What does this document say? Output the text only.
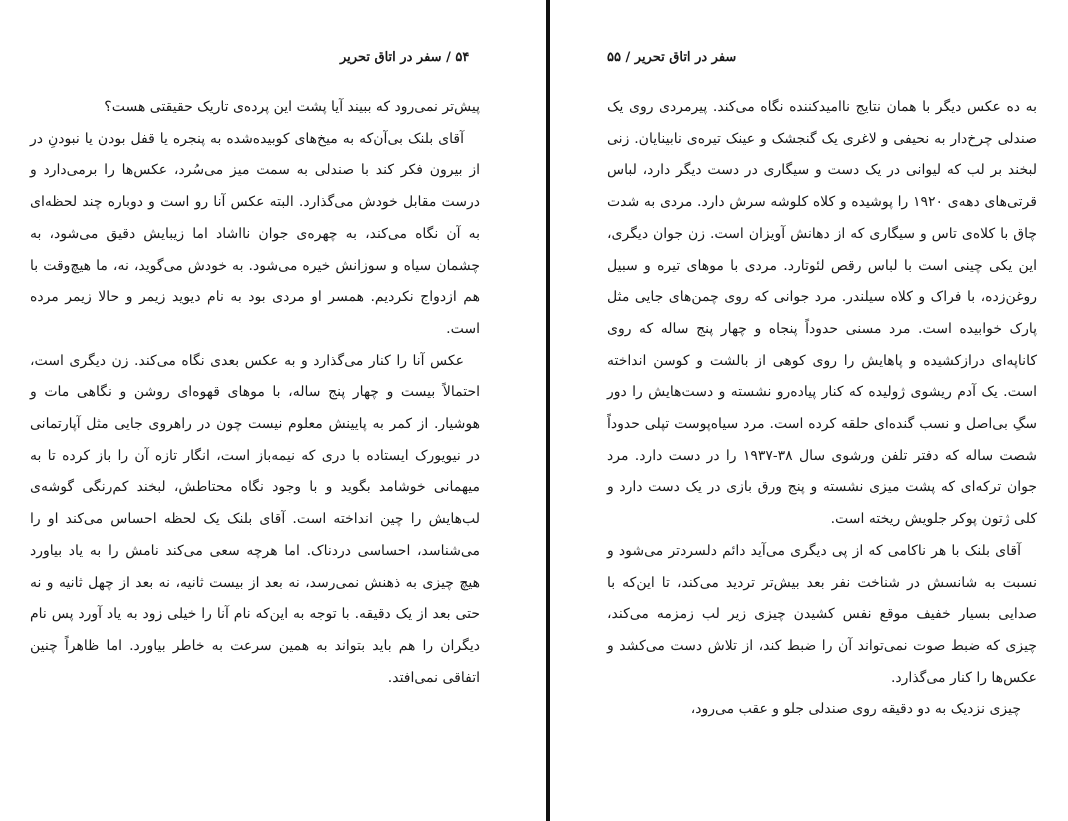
۵۴ / سفر در اتاق تحریر

پیش‌تر نمی‌رود که ببیند آیا پشت این پرده‌ی تاریک حقیقتی هست؟

آقای بلنک بی‌آن‌که به میخ‌های کوبیده‌شده به پنجره یا قفل بودن یا نبودنِ در از بیرون فکر کند با صندلی به سمت میز می‌سُرد، عکس‌ها را برمی‌دارد و درست مقابل خودش می‌گذارد. البته عکس آنا رو است و دوباره چند لحظه‌ای به آن نگاه می‌کند، به چهره‌ی جوان نااشاد اما زیبایش دقیق می‌شود، به چشمان سیاه و سوزانش خیره می‌شود. به خودش می‌گوید، نه، ما هیچ‌وقت با هم ازدواج نکردیم. همسر او مردی بود به نام دیوید زیمر و حالا زیمر مرده است.

عکس آنا را کنار می‌گذارد و به عکس بعدی نگاه می‌کند. زن دیگری است، احتمالاً بیست و چهار پنج ساله، با موهای قهوه‌ای روشن و نگاهی مات و هوشیار. از کمر به پایینش معلوم نیست چون در راهروی جایی مثل آپارتمانی در نیویورک ایستاده با دری که نیمه‌باز است، انگار تازه آن را باز کرده تا به میهمانی خوشامد بگوید و با وجود نگاه محتاطش، لبخند کم‌رنگی گوشه‌ی لب‌هایش را چین انداخته است. آقای بلنک یک لحظه احساس می‌کند او را می‌شناسد، احساسی دردناک. اما هرچه سعی می‌کند نامش را به یاد بیاورد هیچ چیزی به ذهنش نمی‌رسد، نه بعد از بیست ثانیه، نه بعد از چهل ثانیه و نه حتی بعد از یک دقیقه. با توجه به این‌که نام آنا را خیلی زود به یاد آورد پس نام دیگران را هم باید بتواند به همین سرعت به خاطر بیاورد. اما ظاهراً چنین اتفاقی نمی‌افتد.

سفر در اتاق تحریر / ۵۵

به ده عکس دیگر با همان نتایج ناامیدکننده نگاه می‌کند. پیرمردی روی یک صندلی چرخ‌دار به نحیفی و لاغری یک گنجشک و عینک تیره‌ی نابینایان. زنی لبخند بر لب که لیوانی در یک دست و سیگاری در دست دیگر دارد، لباس قرتی‌های دهه‌ی ۱۹۲۰ را پوشیده و کلاه کلوشه سرش دارد. مردی به شدت چاق با کلاه‌ی تاس و سیگاری که از دهانش آویزان است. زن جوان دیگری، این یکی چینی است با لباس رقص لئوتارد. مردی با موهای تیره و سبیل روغن‌زده، با فراک و کلاه سیلندر. مرد جوانی که روی چمن‌های جایی مثل پارک خوابیده است. مرد مسنی حدوداً پنجاه و چهار پنج ساله که روی کاناپه‌ای درازکشیده و پاهایش را روی کوهی از بالشت و کوسن انداخته است. یک آدم ریشوی ژولیده که کنار پیاده‌رو نشسته و دست‌هایش را دور سگِ بی‌اصل و نسب گنده‌ای حلقه کرده است. مرد سیاه‌پوست تپلی حدوداً شصت ساله که دفتر تلفن ورشوی سال ۳۸-۱۹۳۷ را در دست دارد. مرد جوان ترکه‌ای که پشت میزی نشسته و پنج ورق بازی در یک دست دارد و کلی ژتون پوکر جلویش ریخته است.

آقای بلنک با هر ناکامی که از پی دیگری می‌آید دائم دلسردتر می‌شود و نسبت به شانسش در شناخت نفر بعد بیش‌تر تردید می‌کند، تا این‌که با صدایی بسیار خفیف موقع نفس کشیدن چیزی زیر لب زمزمه می‌کند، چیزی که ضبط صوت نمی‌تواند آن را ضبط کند، از تلاش دست می‌کشد و عکس‌ها را کنار می‌گذارد.

چیزی نزدیک به دو دقیقه روی صندلی جلو و عقب می‌رود،
